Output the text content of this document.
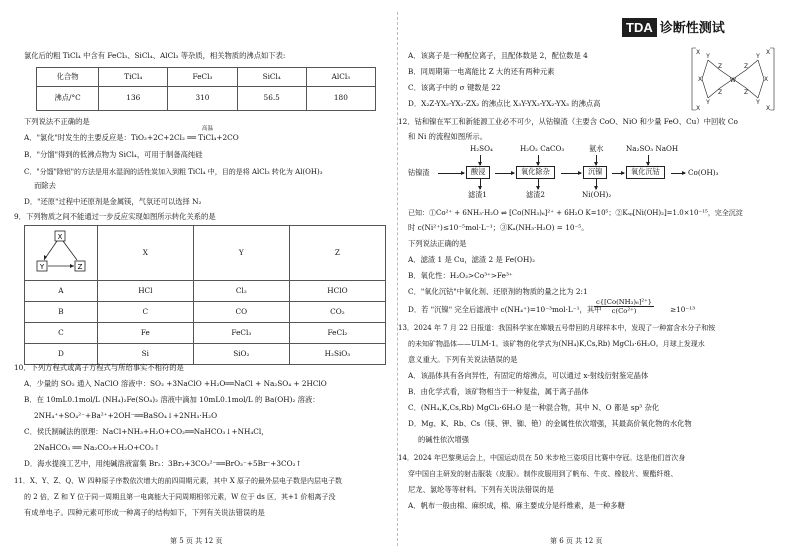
氯化后的粗 TiCl₄ 中含有 FeCl₃、SiCl₄、AlCl₃ 等杂质，相关物质的沸点如下表:

化合物	TiCl₄	FeCl₃	SiCl₄	AlCl₃
沸点/°C	136	310	56.5	180

下列说法不正确的是

高温

A．"氯化"时发生的主要反应是：TiO₂+2C+2Cl₂ ══ TiCl₄+2CO

B．"分馏"得到的低沸点物为 SiCl₄，可用于制备高纯硅

C．"分馏"除铝"的方法是用水湿润的活性炭加入到粗 TiCl₄ 中，目的是将 AlCl₃ 转化为 Al(OH)₃

而除去

D．"还原"过程中还原剂是金属镁，气氛还可以选择 N₂

9．下列物质之间不能通过一步反应实现如图所示转化关系的是

X
Y Z	X	Y	Z
A	HCl	Cl₂	HClO
B	C	CO	CO₂
C	Fe	FeCl₃	FeCl₂
D	Si	SiO₂	H₂SiO₃

10．下列方程式或离子方程式与所给事实不相符的是

A．少量的 SO₂ 通入 NaClO 溶液中：SO₂ +3NaClO +H₂O══NaCl + Na₂SO₄ + 2HClO

B．在 10mL0.1mol/L (NH₄)₂Fe(SO₄)₂ 溶液中滴加 10mL0.1mol/L 的 Ba(OH)₂ 溶液：

2NH₄⁺+SO₄²⁻+Ba²⁺+2OH⁻══BaSO₄↓+2NH₃·H₂O

C．侯氏制碱法的原理：NaCl+NH₃+H₂O+CO₂══NaHCO₃↓+NH₄Cl，

2NaHCO₃ ══ Na₂CO₃+H₂O+CO₂↑

D．海水提溴工艺中，用纯碱溶液富集 Br₂：3Br₂+3CO₃²⁻══BrO₃⁻+5Br⁻+3CO₂↑

11．X、Y、Z、Q、W 四种原子序数依次增大的前四周期元素，其中 X 原子的最外层电子数是内层电子数

的 2 倍，Z 和 Y 位于同一周期且第一电离能大于同周期相邻元素，W 位于 ds 区，其+1 价相离子没

有成单电子。四种元素可形成一种离子的结构如下，下列有关说法错误的是

第 5 页 共 12 页

A．该离子是一种配位离子，且配体数是 2，配位数是 4

B．同周期第一电离能比 Z 大的还有两种元素

C．该离子中的 σ 键数是 22

D．X₂Z-YX₂-YX₂-ZX₂ 的沸点比 X₃Y-YX₂-YX₂-YX₃ 的沸点高

12．钴和镍在军工和新能源工业必不可少，从钴镍渣（主要含 CoO、NiO 和少量 FeO、Cu）中回收 Co

和 Ni 的流程如图所示。

H₂SO₄	H₂O₂ CaCO₃	氨水	Na₂SO₃ NaOH
钴镍渣	酸浸	氧化除杂	沉镍	氧化沉钴	Co(OH)₃
滤渣1	滤渣2	Ni(OH)₂

已知：①Co²⁺ + 6NH₃·H₂O ⇌ [Co(NH₃)₆]²⁺ + 6H₂O K=10⁵；②Kₛₚ[Ni(OH)₂]=1.0×10⁻¹⁵，完全沉淀

时 c(Ni²⁺)≤10⁻⁵mol·L⁻¹；③Kₐ(NH₃·H₂O) = 10⁻⁵。

下列说法正确的是

A．滤渣 1 是 Cu，滤渣 2 是 Fe(OH)₂

B．氧化性：H₂O₂>Co³⁺>Fe³⁺

C．"氧化沉钴"中氧化剂、还原剂的物质的量之比为 2:1

D．若 "沉镍" 完全后滤液中 c(NH₄⁺)=10⁻³mol·L⁻¹，其中

$\frac{\text{c\{[Co(NH₃)₆]²⁺\}}}{\text{c(Co²⁺)}} \ge 10^{-13}$

13．2024 年 7 月 22 日报道：我国科学家在嫦娥五号带回的月球样本中，发现了一种富含水分子和铵

的未知矿物晶体——ULM-1。该矿物的化学式为(NH₄)K,Cs,Rb) MgCl₃·6H₂O。月球上发现水

意义重大。下列有关说法错误的是

A．该晶体具有各向异性，有固定的熔沸点，可以通过 x-射线衍射鉴定晶体

B．由化学式看，该矿物相当于一种复盐，属于离子晶体

C．(NH₄,K,Cs,Rb) MgCl₃·6H₂O 是一种混合物，其中 N、O 都是 sp³ 杂化

D．Mg、K、Rb、Cs（镁、钾、铷、铯）的金属性依次增强，其最高价氧化物的水化物

的碱性依次增强

14．2024 年巴黎奥运会上，中国运动员在 50 米步枪三姿项目比赛中夺冠。这是他们首次身

穿中国自主研发的射击服装（皮服）。制作皮服用到了帆布、牛皮、橡胶片、聚酯纤维、

尼龙、氯纶等等材料。下列有关说法错误的是

A．帆布一般由棉、麻织成，棉、麻主要成分是纤维素，是一种多糖

第 6 页 共 12 页
TDA 诊断性测试
W
Z	Z
Z	Z
Y	Y
Y	Y
X	X
X	X
X	X
